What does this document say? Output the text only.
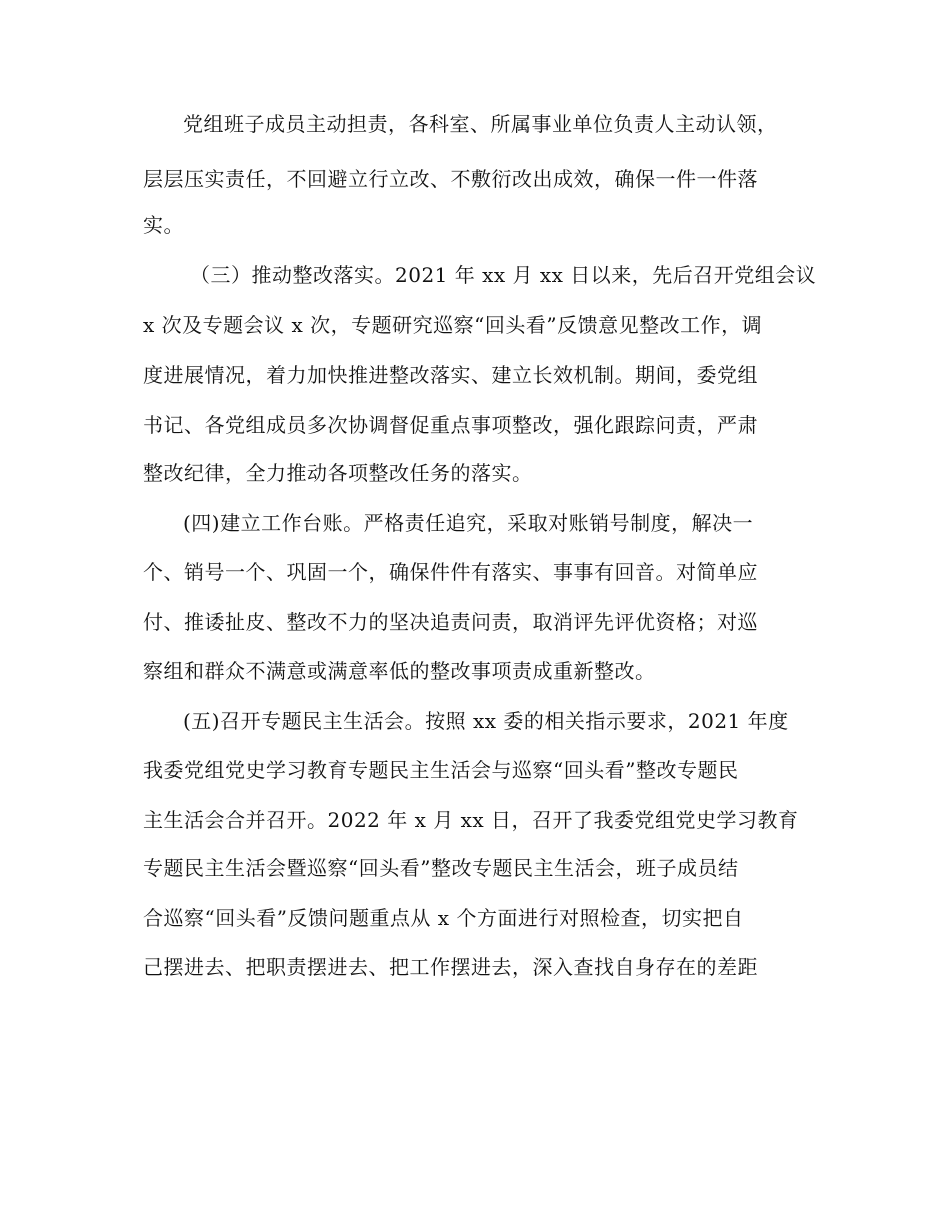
党组班子成员主动担责，各科室、所属事业单位负责人主动认领，
层层压实责任，不回避立行立改、不敷衍改出成效，确保一件一件落
实。
（三）推动整改落实。2021 年 xx 月 xx 日以来，先后召开党组会议
x 次及专题会议 x 次，专题研究巡察“回头看”反馈意见整改工作，调
度进展情况，着力加快推进整改落实、建立长效机制。期间，委党组
书记、各党组成员多次协调督促重点事项整改，强化跟踪问责，严肃
整改纪律，全力推动各项整改任务的落实。
(四)建立工作台账。严格责任追究，采取对账销号制度，解决一
个、销号一个、巩固一个，确保件件有落实、事事有回音。对简单应
付、推诿扯皮、整改不力的坚决追责问责，取消评先评优资格；对巡
察组和群众不满意或满意率低的整改事项责成重新整改。
(五)召开专题民主生活会。按照 xx 委的相关指示要求，2021 年度
我委党组党史学习教育专题民主生活会与巡察“回头看”整改专题民
主生活会合并召开。2022 年 x 月 xx 日，召开了我委党组党史学习教育
专题民主生活会暨巡察“回头看”整改专题民主生活会，班子成员结
合巡察“回头看”反馈问题重点从 x 个方面进行对照检查，切实把自
己摆进去、把职责摆进去、把工作摆进去，深入查找自身存在的差距
